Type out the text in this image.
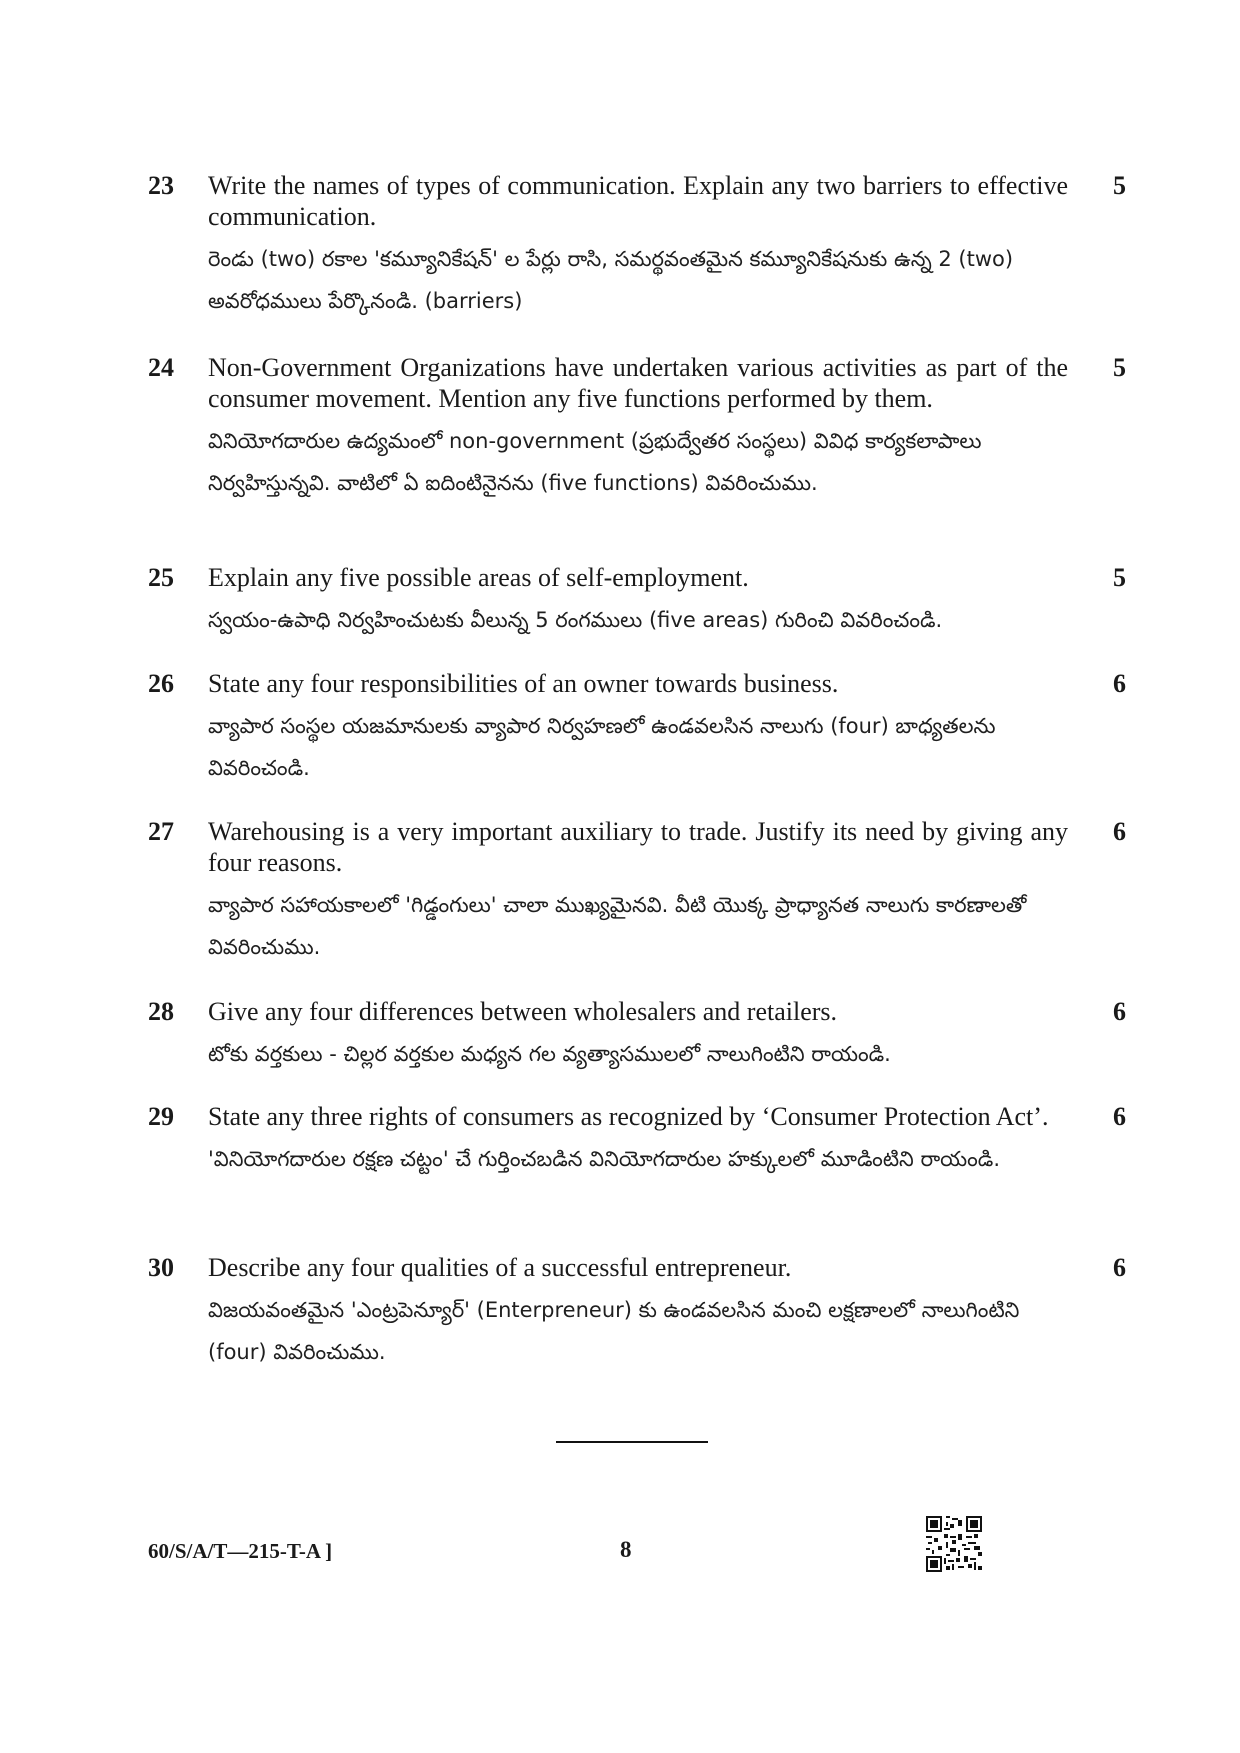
23 Write the names of types of communication. Explain any two barriers to effective communication.

రెండు (two) రకాల 'కమ్యూనికేషన్' ల పేర్లు రాసి, సమర్థవంతమైన కమ్యూనికేషనుకు ఉన్న 2 (two) అవరోధములు పేర్కొనండి. (barriers)

5
24 Non-Government Organizations have undertaken various activities as part of the consumer movement. Mention any five functions performed by them.

వినియోగదారుల ఉద్యమంలో non-government (ప్రభుద్వేతర సంస్థలు) వివిధ కార్యకలాపాలు నిర్వహిస్తున్నవి. వాటిలో ఏ ఐదింటినైనను (five functions) వివరించుము.

5
25 Explain any five possible areas of self-employment.

స్వయం-ఉపాధి నిర్వహించుటకు వీలున్న 5 రంగములు (five areas) గురించి వివరించండి.

5
26 State any four responsibilities of an owner towards business.

వ్యాపార సంస్థల యజమానులకు వ్యాపార నిర్వహణలో ఉండవలసిన నాలుగు (four) బాధ్యతలను వివరించండి.

6
27 Warehousing is a very important auxiliary to trade. Justify its need by giving any four reasons.

వ్యాపార సహాయకాలలో 'గిడ్డంగులు' చాలా ముఖ్యమైనవి. వీటి యొక్క ప్రాధ్యానత నాలుగు కారణాలతో వివరించుము.

6
28 Give any four differences between wholesalers and retailers.

టోకు వర్తకులు - చిల్లర వర్తకుల మధ్యన గల వ్యత్యాసములలో నాలుగింటిని రాయండి.

6
29 State any three rights of consumers as recognized by ‘Consumer Protection Act’.

'వినియోగదారుల రక్షణ చట్టం' చే గుర్తించబడిన వినియోగదారుల హక్కులలో మూడింటిని రాయండి.

6
30 Describe any four qualities of a successful entrepreneur.

విజయవంతమైన 'ఎంట్రపెన్యూర్' (Enterpreneur) కు ఉండవలసిన మంచి లక్షణాలలో నాలుగింటిని (four) వివరించుము.

6
60/S/A/T—215-T-A ]	8
